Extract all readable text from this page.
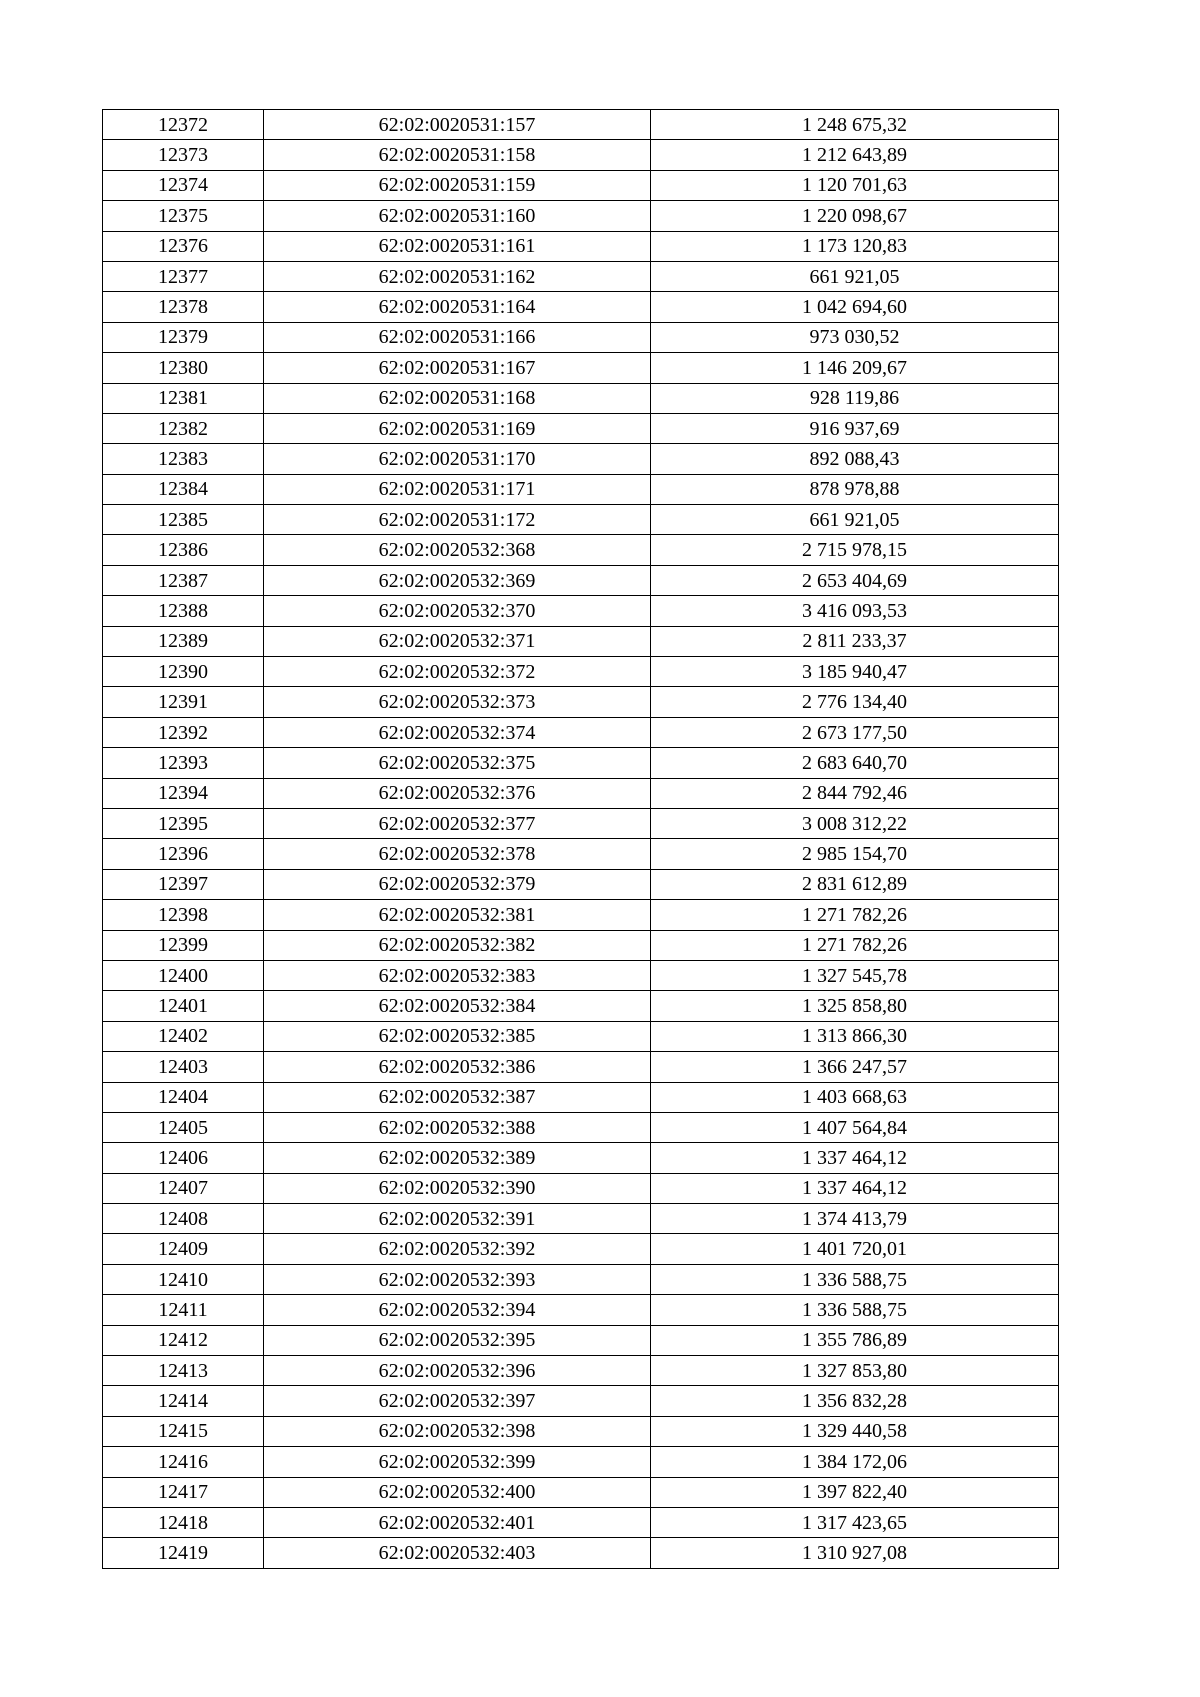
12372	62:02:0020531:157	1 248 675,32
12373	62:02:0020531:158	1 212 643,89
12374	62:02:0020531:159	1 120 701,63
12375	62:02:0020531:160	1 220 098,67
12376	62:02:0020531:161	1 173 120,83
12377	62:02:0020531:162	661 921,05
12378	62:02:0020531:164	1 042 694,60
12379	62:02:0020531:166	973 030,52
12380	62:02:0020531:167	1 146 209,67
12381	62:02:0020531:168	928 119,86
12382	62:02:0020531:169	916 937,69
12383	62:02:0020531:170	892 088,43
12384	62:02:0020531:171	878 978,88
12385	62:02:0020531:172	661 921,05
12386	62:02:0020532:368	2 715 978,15
12387	62:02:0020532:369	2 653 404,69
12388	62:02:0020532:370	3 416 093,53
12389	62:02:0020532:371	2 811 233,37
12390	62:02:0020532:372	3 185 940,47
12391	62:02:0020532:373	2 776 134,40
12392	62:02:0020532:374	2 673 177,50
12393	62:02:0020532:375	2 683 640,70
12394	62:02:0020532:376	2 844 792,46
12395	62:02:0020532:377	3 008 312,22
12396	62:02:0020532:378	2 985 154,70
12397	62:02:0020532:379	2 831 612,89
12398	62:02:0020532:381	1 271 782,26
12399	62:02:0020532:382	1 271 782,26
12400	62:02:0020532:383	1 327 545,78
12401	62:02:0020532:384	1 325 858,80
12402	62:02:0020532:385	1 313 866,30
12403	62:02:0020532:386	1 366 247,57
12404	62:02:0020532:387	1 403 668,63
12405	62:02:0020532:388	1 407 564,84
12406	62:02:0020532:389	1 337 464,12
12407	62:02:0020532:390	1 337 464,12
12408	62:02:0020532:391	1 374 413,79
12409	62:02:0020532:392	1 401 720,01
12410	62:02:0020532:393	1 336 588,75
12411	62:02:0020532:394	1 336 588,75
12412	62:02:0020532:395	1 355 786,89
12413	62:02:0020532:396	1 327 853,80
12414	62:02:0020532:397	1 356 832,28
12415	62:02:0020532:398	1 329 440,58
12416	62:02:0020532:399	1 384 172,06
12417	62:02:0020532:400	1 397 822,40
12418	62:02:0020532:401	1 317 423,65
12419	62:02:0020532:403	1 310 927,08
